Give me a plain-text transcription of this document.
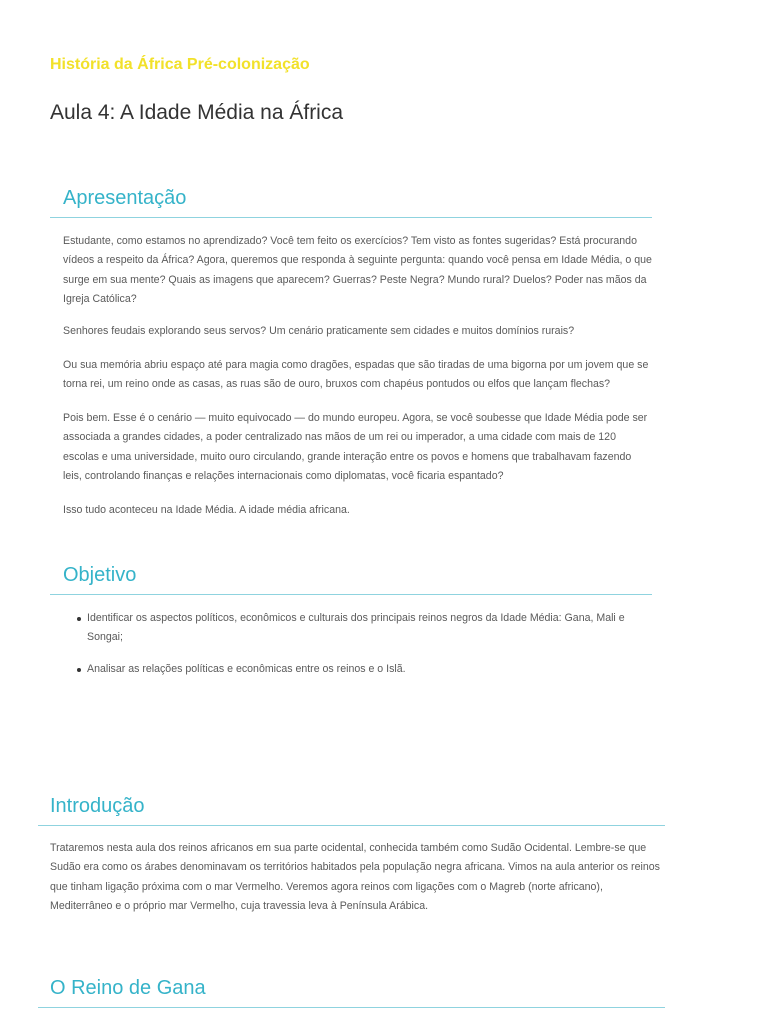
História da África Pré-colonização
Aula 4: A Idade Média na África
Apresentação

Estudante, como estamos no aprendizado? Você tem feito os exercícios? Tem visto as fontes sugeridas? Está procurando vídeos a respeito da África? Agora, queremos que responda à seguinte pergunta: quando você pensa em Idade Média, o que surge em sua mente? Quais as imagens que aparecem? Guerras? Peste Negra? Mundo rural? Duelos? Poder nas mãos da Igreja Católica?

Senhores feudais explorando seus servos? Um cenário praticamente sem cidades e muitos domínios rurais?

Ou sua memória abriu espaço até para magia como dragões, espadas que são tiradas de uma bigorna por um jovem que se torna rei, um reino onde as casas, as ruas são de ouro, bruxos com chapéus pontudos ou elfos que lançam flechas?

Pois bem. Esse é o cenário — muito equivocado — do mundo europeu. Agora, se você soubesse que Idade Média pode ser associada a grandes cidades, a poder centralizado nas mãos de um rei ou imperador, a uma cidade com mais de 120 escolas e uma universidade, muito ouro circulando, grande interação entre os povos e homens que trabalhavam fazendo leis, controlando finanças e relações internacionais como diplomatas, você ficaria espantado?

Isso tudo aconteceu na Idade Média. A idade média africana.

Objetivo
Identificar os aspectos políticos, econômicos e culturais dos principais reinos negros da Idade Média: Gana, Mali e Songai;
Analisar as relações políticas e econômicas entre os reinos e o Islã.
Introdução

Trataremos nesta aula dos reinos africanos em sua parte ocidental, conhecida também como Sudão Ocidental. Lembre-se que Sudão era como os árabes denominavam os territórios habitados pela população negra africana. Vimos na aula anterior os reinos que tinham ligação próxima com o mar Vermelho. Veremos agora reinos com ligações com o Magreb (norte africano), Mediterrâneo e o próprio mar Vermelho, cuja travessia leva à Península Arábica.

O Reino de Gana
